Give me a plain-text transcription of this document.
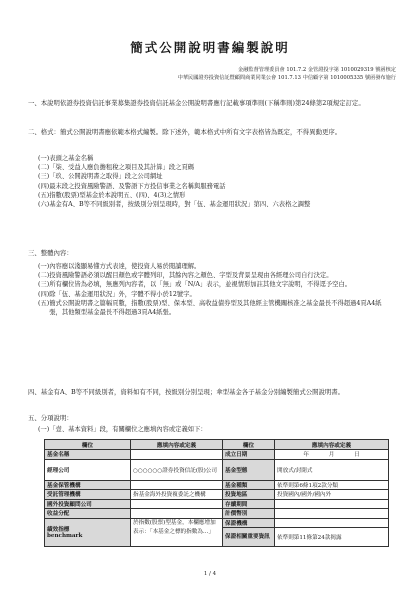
簡式公開說明書編製說明
金融監督管理委員會 101.7.2 金管證投字第 1010029319 號函核定
中華民國證券投資信託暨顧問商業同業公會 101.7.13 中信顧字第 1010005335 號函發布施行
一、 本說明依證券投資信託事業募集證券投資信託基金公開說明書應行記載事項準則(下稱準則)第24條第2項規定訂定。
二、 格式：簡式公開說明書應依範本格式編製。除下述外，範本格式中所有文字表格皆為既定，不得異動更序。
(一) 表頭之基金名稱
(二) 「柒、受益人應負擔租稅之項目及其計算」段之頁碼
(三) 「玖、公開說明書之取得」段之公司網址
(四) 最末段之投資風險警語、及警語下方投信事業之名稱與服務電話
(五) 指數(股票)型基金於本說明五、(四)、4(3)之情形
(六) 基金有A、B等不同級別者，按級別分別呈現時，對「伍、基金運用狀況」第四、六表格之調整
三、 整體內容：
(一) 內容應以淺顯易懂方式表達，使投資人易於閱讀理解。
(二) 投資風險警語必須以醒目顏色或字體列印，其餘內容之顏色、字型及背景呈現由各經理公司自行決定。
(三) 所有欄位皆為必填，無應列內容者，以「無」或「N/A」表示，並視情形加註其他文字說明，不得逕予空白。
(四) 除「伍、基金運用狀況」外，字體不得小於12號字。
(五) 簡式公開說明書之篇幅頁數，指數(股票)型、保本型、高收益債券型及其他經主管機關核准之基金最長不得超過4頁A4紙張，其他類型基金最長不得超過3頁A4紙張。
四、 基金有A、B等不同級別者，資料如有不同，按級別分別呈現；傘型基金各子基金分別編製簡式公開說明書。
五、 分項說明：
(一) 「壹、基本資料」段，有關欄位之應填內容或定義如下：
欄位	應填內容或定義	欄位	應填內容或定義
基金名稱		成立日期	年 月 日
經理公司	○○○○○○證券投資信託(股)公司	基金型態	開放式/封閉式
基金保管機構		基金種類	依準則第6條1項2款分類
受託管理機構	指基金海外投資複委託之機構	投資地區	投資國內/國外/國內外
國外投資顧問公司		存續期間	
收益分配		計價幣別	

績效指標
benchmark	於指數(股票)型基金，本欄應增加表示：「本基金之標的指數為…」	保證機構	
		保證相關重要資訊	依準則第11條第24款揭露
1 / 4
